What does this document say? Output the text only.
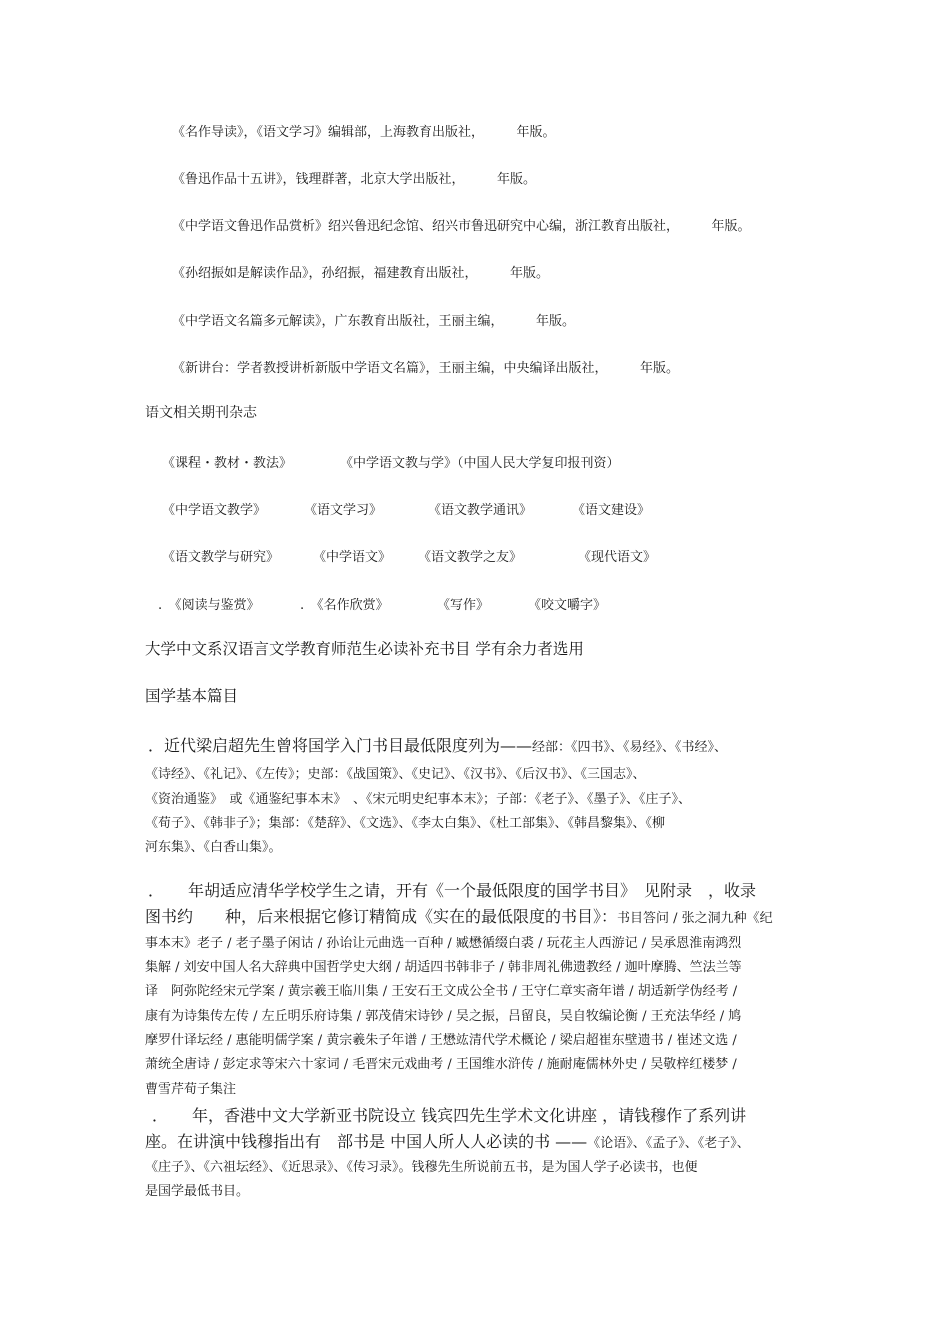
《名作导读》，《语文学习》编辑部，上海教育出版社，　　　年版。
《鲁迅作品十五讲》，钱理群著，北京大学出版社，　　　年版。
《中学语文鲁迅作品赏析》绍兴鲁迅纪念馆、绍兴市鲁迅研究中心编，浙江教育出版社，　　　年版。
《孙绍振如是解读作品》，孙绍振，福建教育出版社，　　　年版。
《中学语文名篇多元解读》，广东教育出版社，王丽主编，　　　年版。
《新讲台：学者教授讲析新版中学语文名篇》，王丽主编，中央编译出版社，　　　年版。
语文相关期刊杂志
《课程・教材・教法》	《中学语文教与学》（中国人民大学复印报刊资）
《中学语文教学》	《语文学习》	《语文教学通讯》	《语文建设》
《语文教学与研究》	《中学语文》 《语文教学之友》	《现代语文》
.　《阅读与鉴赏》	.　《名作欣赏》	《写作》	《咬文嚼字》
大学中文系汉语言文学教育师范生必读补充书目 学有余力者选用
国学基本篇目
．近代梁启超先生曾将国学入门书目最低限度列为——经部：《四书》、《易经》、《书经》、
《诗经》、《礼记》、《左传》；史部：《战国策》、《史记》、《汉书》、《后汉书》、《三国志》、
《资治通鉴》　或《通鉴纪事本末》　、《宋元明史纪事本末》；子部：《老子》、《墨子》、《庄子》、
《荀子》、《韩非子》；集部：《楚辞》、《文选》、《李太白集》、《杜工部集》、《韩昌黎集》、《柳
河东集》、《白香山集》。
．　　年胡适应清华学校学生之请，开有《一个最低限度的国学书目》　见附录　，收录
图书约　　种，后来根据它修订精简成《实在的最低限度的书目》：书目答问 / 张之洞九种《纪
事本末》老子 / 老子墨子闲诂 / 孙诒让元曲选一百种 / 臧懋循缀白裘 / 玩花主人西游记 / 吴承恩淮南鸿烈
集解 / 刘安中国人名大辞典中国哲学史大纲 / 胡适四书韩非子 / 韩非周礼佛遗教经 / 迦叶摩腾、竺法兰等
译　阿弥陀经宋元学案 / 黄宗羲王临川集 / 王安石王文成公全书 / 王守仁章实斋年谱 / 胡适新学伪经考 /
康有为诗集传左传 / 左丘明乐府诗集 / 郭茂倩宋诗钞 / 吴之振，吕留良，吴自牧编论衡 / 王充法华经 / 鸠
摩罗什译坛经 / 惠能明儒学案 / 黄宗羲朱子年谱 / 王懋竑清代学术概论 / 梁启超崔东壁遗书 / 崔述文选 /
萧统全唐诗 / 彭定求等宋六十家词 / 毛晋宋元戏曲考 / 王国维水浒传 / 施耐庵儒林外史 / 吴敬梓红楼梦 /
曹雪芹荀子集注
．　　年，香港中文大学新亚书院设立 钱宾四先生学术文化讲座 ，请钱穆作了系列讲
座。在讲演中钱穆指出有　部书是 中国人所人人必读的书 ——《论语》、《孟子》、《老子》、
《庄子》、《六祖坛经》、《近思录》、《传习录》。钱穆先生所说前五书，是为国人学子必读书，也便
是国学最低书目。
